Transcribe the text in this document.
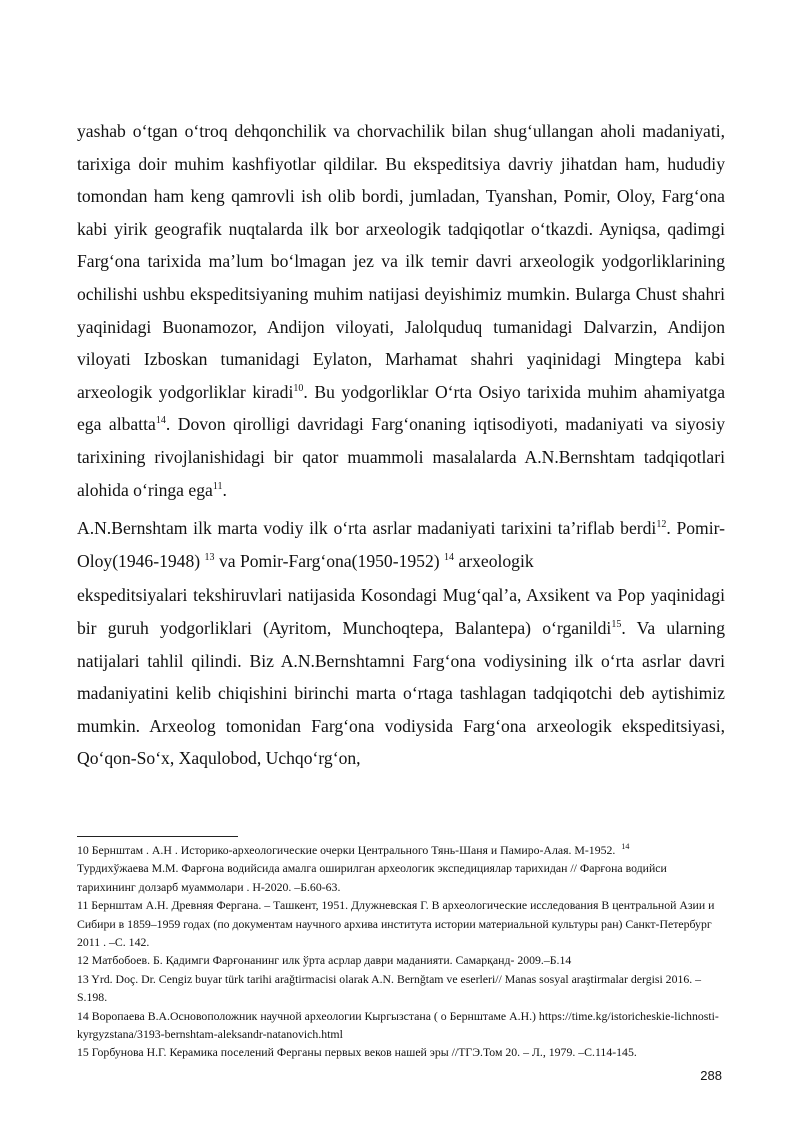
yashab o‘tgan o‘troq dehqonchilik va chorvachilik bilan shug‘ullangan aholi madaniyati, tarixiga doir muhim kashfiyotlar qildilar. Bu ekspeditsiya davriy jihatdan ham, hududiy tomondan ham keng qamrovli ish olib bordi, jumladan, Tyanshan, Pomir, Oloy, Farg‘ona kabi yirik geografik nuqtalarda ilk bor arxeologik tadqiqotlar o‘tkazdi. Ayniqsa, qadimgi Farg‘ona tarixida ma’lum bo‘lmagan jez va ilk temir davri arxeologik yodgorliklarining ochilishi ushbu ekspeditsiyaning muhim natijasi deyishimiz mumkin. Bularga Chust shahri yaqinidagi Buonamozor, Andijon viloyati, Jalolquduq tumanidagi Dalvarzin, Andijon viloyati Izboskan tumanidagi Eylaton, Marhamat shahri yaqinidagi Mingtepa kabi arxeologik yodgorliklar kiradi$^{10}$. Bu yodgorliklar O‘rta Osiyo tarixida muhim ahamiyatga ega albatta$^{14}$. Dovon qirolligi davridagi Farg‘onaning iqtisodiyoti, madaniyati va siyosiy tarixining rivojlanishidagi bir qator muammoli masalalarda A.N.Bernshtam tadqiqotlari alohida o‘ringa ega$^{11}$.

A.N.Bernshtam ilk marta vodiy ilk o‘rta asrlar madaniyati tarixini ta’riflab berdi$^{12}$. Pomir-Oloy(1946-1948) $^{13}$ va Pomir-Farg‘ona(1950-1952) $^{14}$ arxeologik

ekspeditsiyalari tekshiruvlari natijasida Kosondagi Mug‘qal’a, Axsikent va Pop yaqinidagi bir guruh yodgorliklari (Ayritom, Munchoqtepa, Balantepa) o‘rganildi$^{15}$. Va ularning natijalari tahlil qilindi. Biz A.N.Bernshtamni Farg‘ona vodiysining ilk o‘rta asrlar davri madaniyatini kelib chiqishini birinchi marta o‘rtaga tashlagan tadqiqotchi deb aytishimiz mumkin. Arxeolog tomonidan Farg‘ona vodiysida Farg‘ona arxeologik ekspeditsiyasi, Qo‘qon-So‘x, Xaqulobod, Uchqo‘rg‘on,

10 Бернштам . А.Н . Историко-археологические очерки Центрального Тянь-Шаня и Памиро-Алая. М-1952. $^{14}$

Турдихўжаева М.М. Фарғона водийсида амалга оширилган археологик экспедициялар тарихидан // Фарғона водийси тарихининг долзарб муаммолари . Н-2020. –Б.60-63.

11 Бернштам А.Н. Древняя Фергана. – Ташкент, 1951. Длужневская Г. В археологические исследования В центральной Азии и Сибири в 1859–1959 годах (по документам научного архива института истории материальной культуры ран) Санкт-Петербург 2011 . –С. 142.

12 Матбобоев. Б. Қадимги Фарғонанинг илк ўрта асрлар даври маданияти. Самарқанд- 2009.–Б.14

13 Yrd. Doç. Dr. Cengiz buyar türk tarihi araǧtirmacisi olarak A.N. Bernǧtam ve eserleri// Manas sosyal araştirmalar dergisi 2016. –S.198.

14 Воропаева В.А.Основоположник научной археологии Кыргызстана ( о Бернштаме А.Н.) https://time.kg/istoricheskie-lichnosti-kyrgyzstana/3193-bernshtam-aleksandr-natanovich.html

15 Горбунова Н.Г. Керамика поселений Ферганы первых веков нашей эры //ТГЭ.Том 20. – Л., 1979. –С.114-145.

288
